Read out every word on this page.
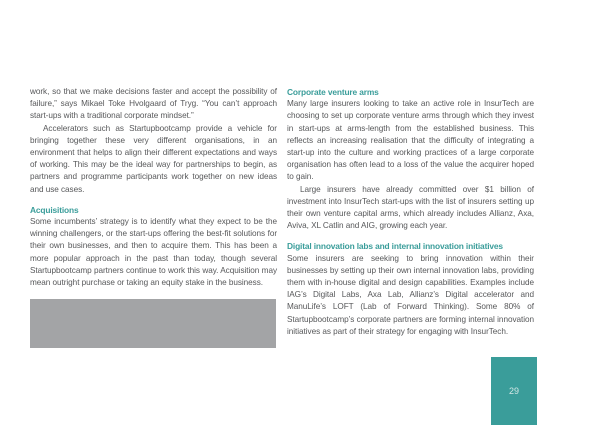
work, so that we make decisions faster and accept the possibility of failure,” says Mikael Toke Hvolgaard of Tryg. “You can’t approach start-ups with a traditional corporate mindset.”

Accelerators such as Startupbootcamp provide a vehicle for bringing together these very different organisations, in an environment that helps to align their different expectations and ways of working. This may be the ideal way for partnerships to begin, as partners and programme participants work together on new ideas and use cases.

Acquisitions

Some incumbents’ strategy is to identify what they expect to be the winning challengers, or the start-ups offering the best-fit solutions for their own businesses, and then to acquire them. This has been a more popular approach in the past than today, though several Startupbootcamp partners continue to work this way. Acquisition may mean outright purchase or taking an equity stake in the business.

Corporate venture arms

Many large insurers looking to take an active role in InsurTech are choosing to set up corporate venture arms through which they invest in start-ups at arms-length from the established business. This reflects an increasing realisation that the difficulty of integrating a start-up into the culture and working practices of a large corporate organisation has often lead to a loss of the value the acquirer hoped to gain.

Large insurers have already committed over $1 billion of investment into InsurTech start-ups with the list of insurers setting up their own venture capital arms, which already includes Allianz, Axa, Aviva, XL Catlin and AIG, growing each year.

Digital innovation labs and internal innovation initiatives

Some insurers are seeking to bring innovation within their businesses by setting up their own internal innovation labs, providing them with in-house digital and design capabilities. Examples include IAG’s Digital Labs, Axa Lab, Allianz’s Digital accelerator and ManuLife’s LOFT (Lab of Forward Thinking). Some 80% of Startupbootcamp’s corporate partners are forming internal innovation initiatives as part of their strategy for engaging with InsurTech.

29
